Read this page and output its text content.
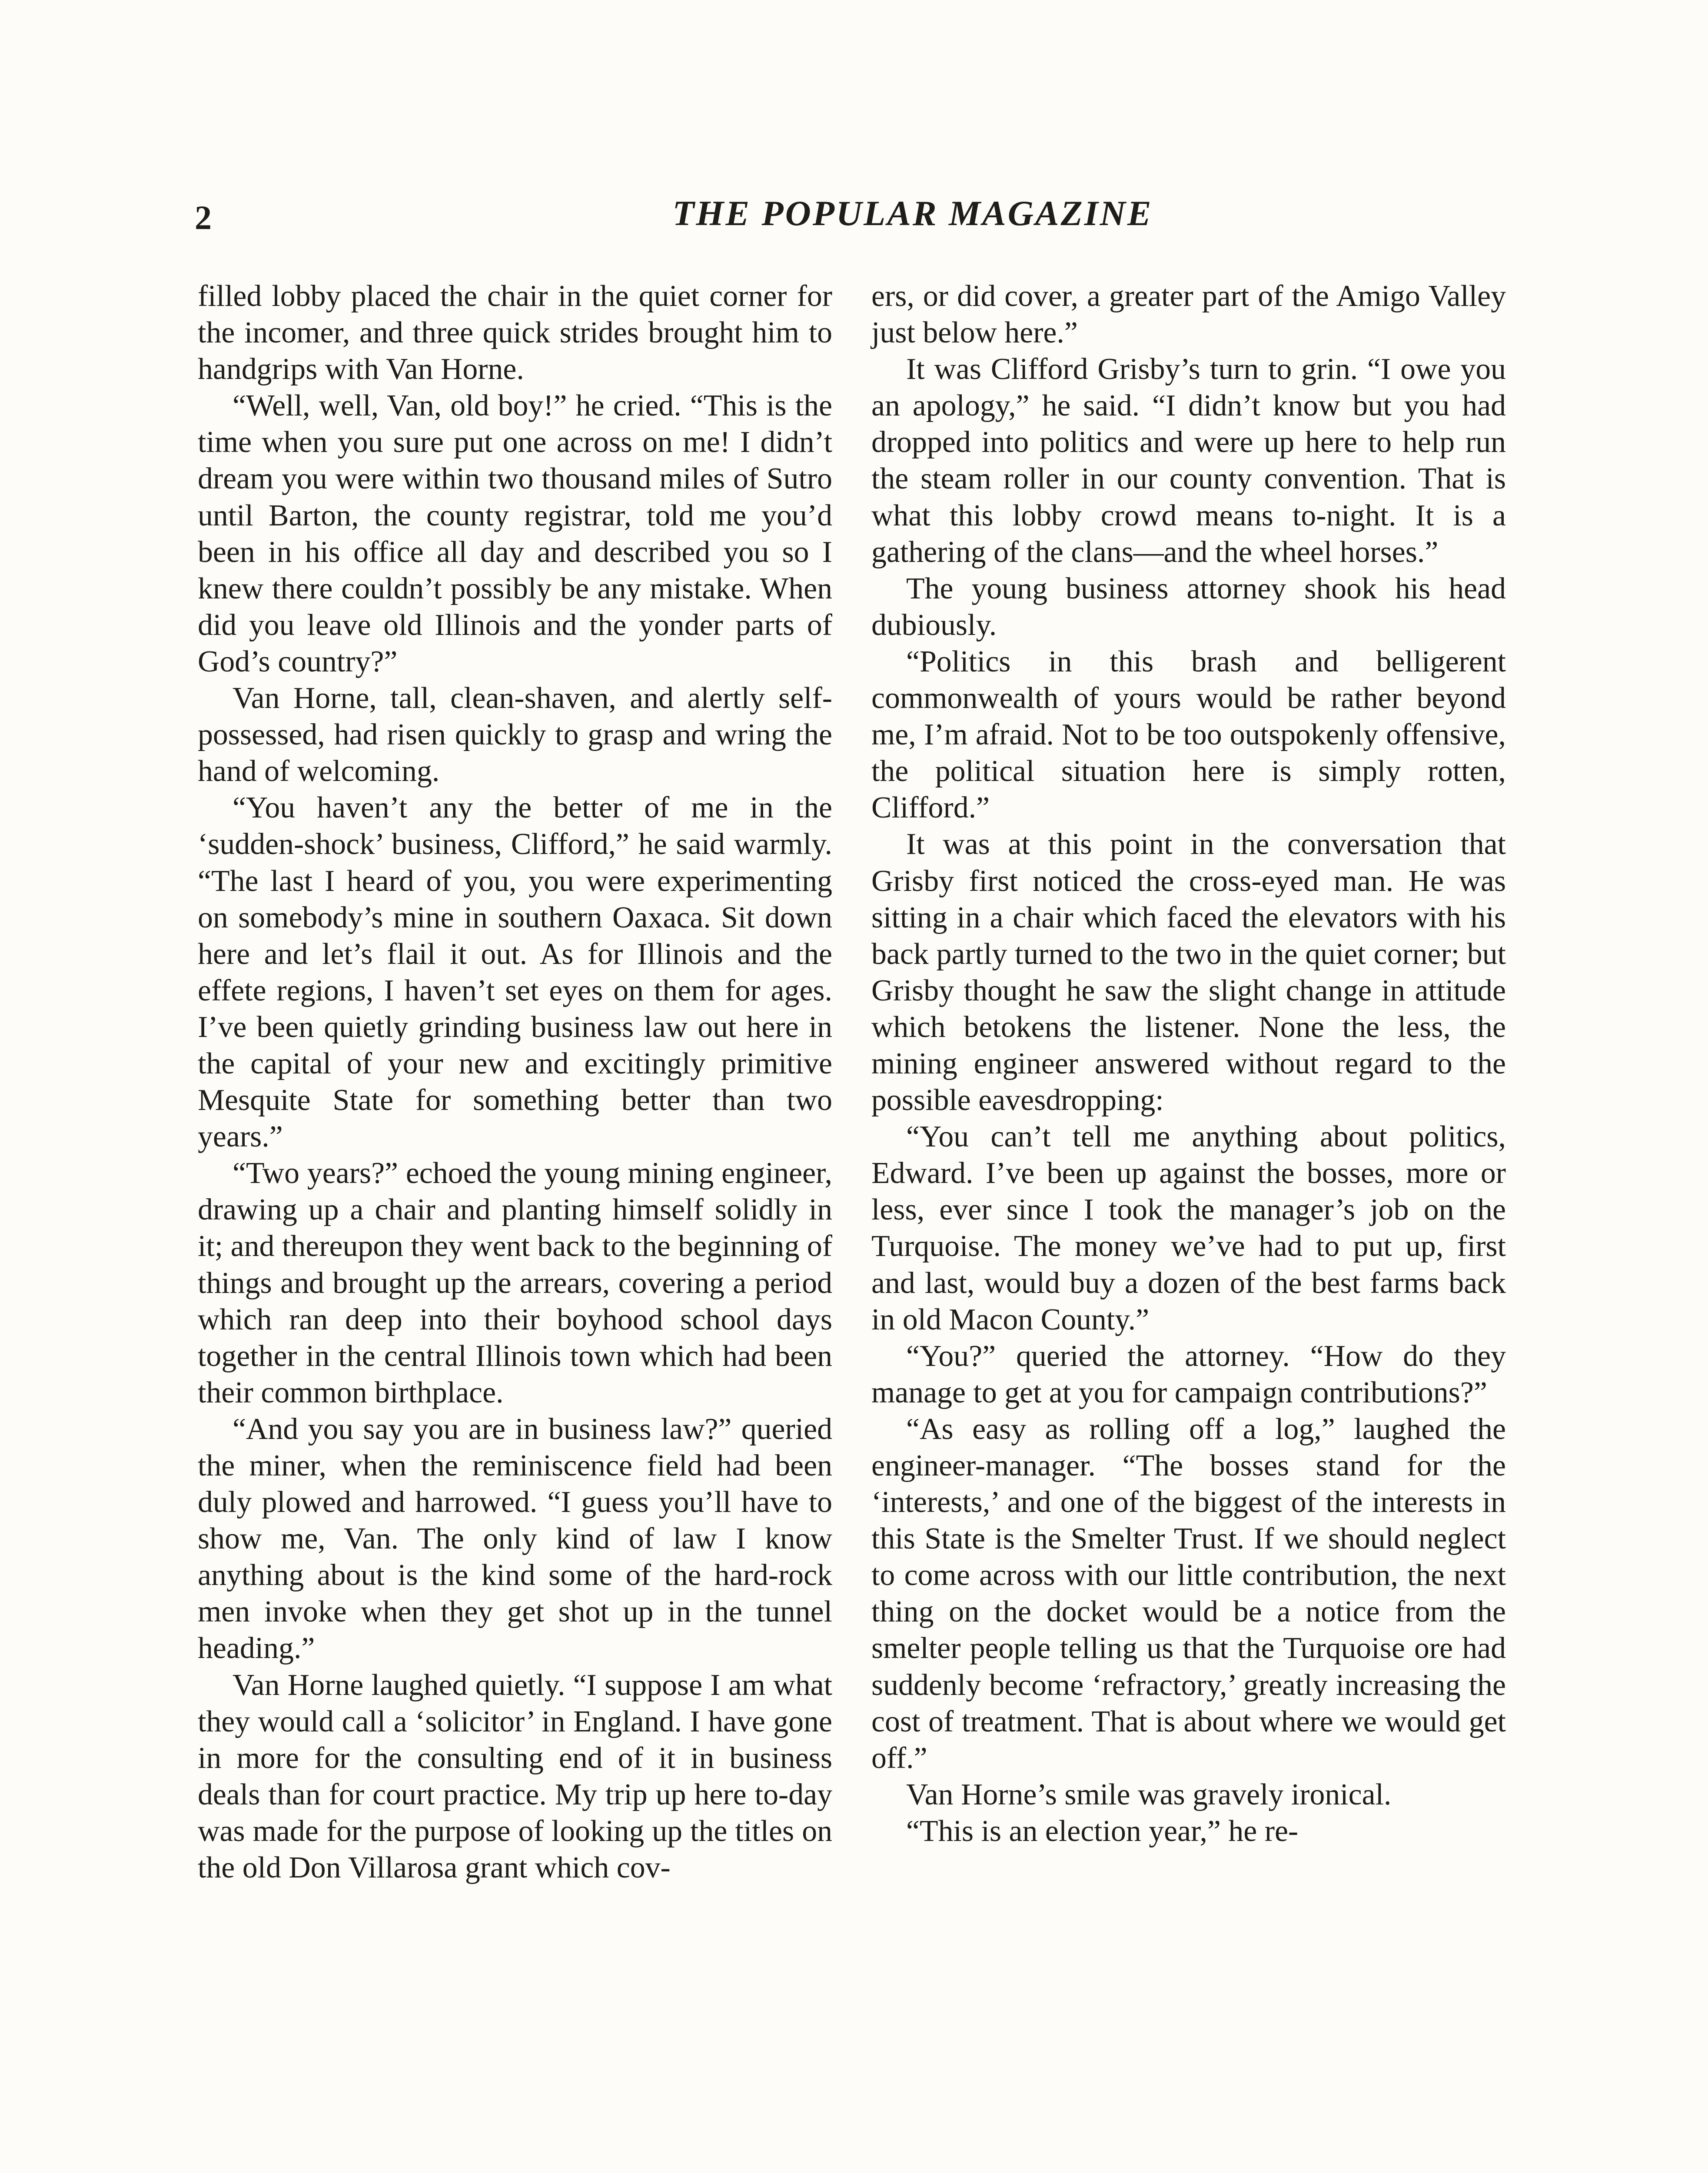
2	THE POPULAR MAGAZINE

filled lobby placed the chair in the quiet corner for the incomer, and three quick strides brought him to handgrips with Van Horne.

“Well, well, Van, old boy!” he cried. “This is the time when you sure put one across on me! I didn’t dream you were within two thousand miles of Sutro until Barton, the county registrar, told me you’d been in his office all day and described you so I knew there couldn’t possibly be any mistake. When did you leave old Illinois and the yonder parts of God’s country?”

Van Horne, tall, clean-shaven, and alertly self-possessed, had risen quickly to grasp and wring the hand of welcoming.

“You haven’t any the better of me in the ‘sudden-shock’ business, Clifford,” he said warmly. “The last I heard of you, you were experimenting on somebody’s mine in southern Oaxaca. Sit down here and let’s flail it out. As for Illinois and the effete regions, I haven’t set eyes on them for ages. I’ve been quietly grinding business law out here in the capital of your new and excitingly primitive Mesquite State for something better than two years.”

“Two years?” echoed the young mining engineer, drawing up a chair and planting himself solidly in it; and thereupon they went back to the beginning of things and brought up the arrears, covering a period which ran deep into their boyhood school days together in the central Illinois town which had been their common birthplace.

“And you say you are in business law?” queried the miner, when the reminiscence field had been duly plowed and harrowed. “I guess you’ll have to show me, Van. The only kind of law I know anything about is the kind some of the hard-rock men invoke when they get shot up in the tunnel heading.”

Van Horne laughed quietly. “I suppose I am what they would call a ‘solicitor’ in England. I have gone in more for the consulting end of it in business deals than for court practice. My trip up here to-day was made for the purpose of looking up the titles on the old Don Villarosa grant which cov-

ers, or did cover, a greater part of the Amigo Valley just below here.”

It was Clifford Grisby’s turn to grin. “I owe you an apology,” he said. “I didn’t know but you had dropped into politics and were up here to help run the steam roller in our county convention. That is what this lobby crowd means to-night. It is a gathering of the clans—and the wheel horses.”

The young business attorney shook his head dubiously.

“Politics in this brash and belligerent commonwealth of yours would be rather beyond me, I’m afraid. Not to be too outspokenly offensive, the political situation here is simply rotten, Clifford.”

It was at this point in the conversation that Grisby first noticed the cross-eyed man. He was sitting in a chair which faced the elevators with his back partly turned to the two in the quiet corner; but Grisby thought he saw the slight change in attitude which betokens the listener. None the less, the mining engineer answered without regard to the possible eavesdropping:

“You can’t tell me anything about politics, Edward. I’ve been up against the bosses, more or less, ever since I took the manager’s job on the Turquoise. The money we’ve had to put up, first and last, would buy a dozen of the best farms back in old Macon County.”

“You?” queried the attorney. “How do they manage to get at you for campaign contributions?”

“As easy as rolling off a log,” laughed the engineer-manager. “The bosses stand for the ‘interests,’ and one of the biggest of the interests in this State is the Smelter Trust. If we should neglect to come across with our little contribution, the next thing on the docket would be a notice from the smelter people telling us that the Turquoise ore had suddenly become ‘refractory,’ greatly increasing the cost of treatment. That is about where we would get off.”

Van Horne’s smile was gravely ironical.

“This is an election year,” he re-
